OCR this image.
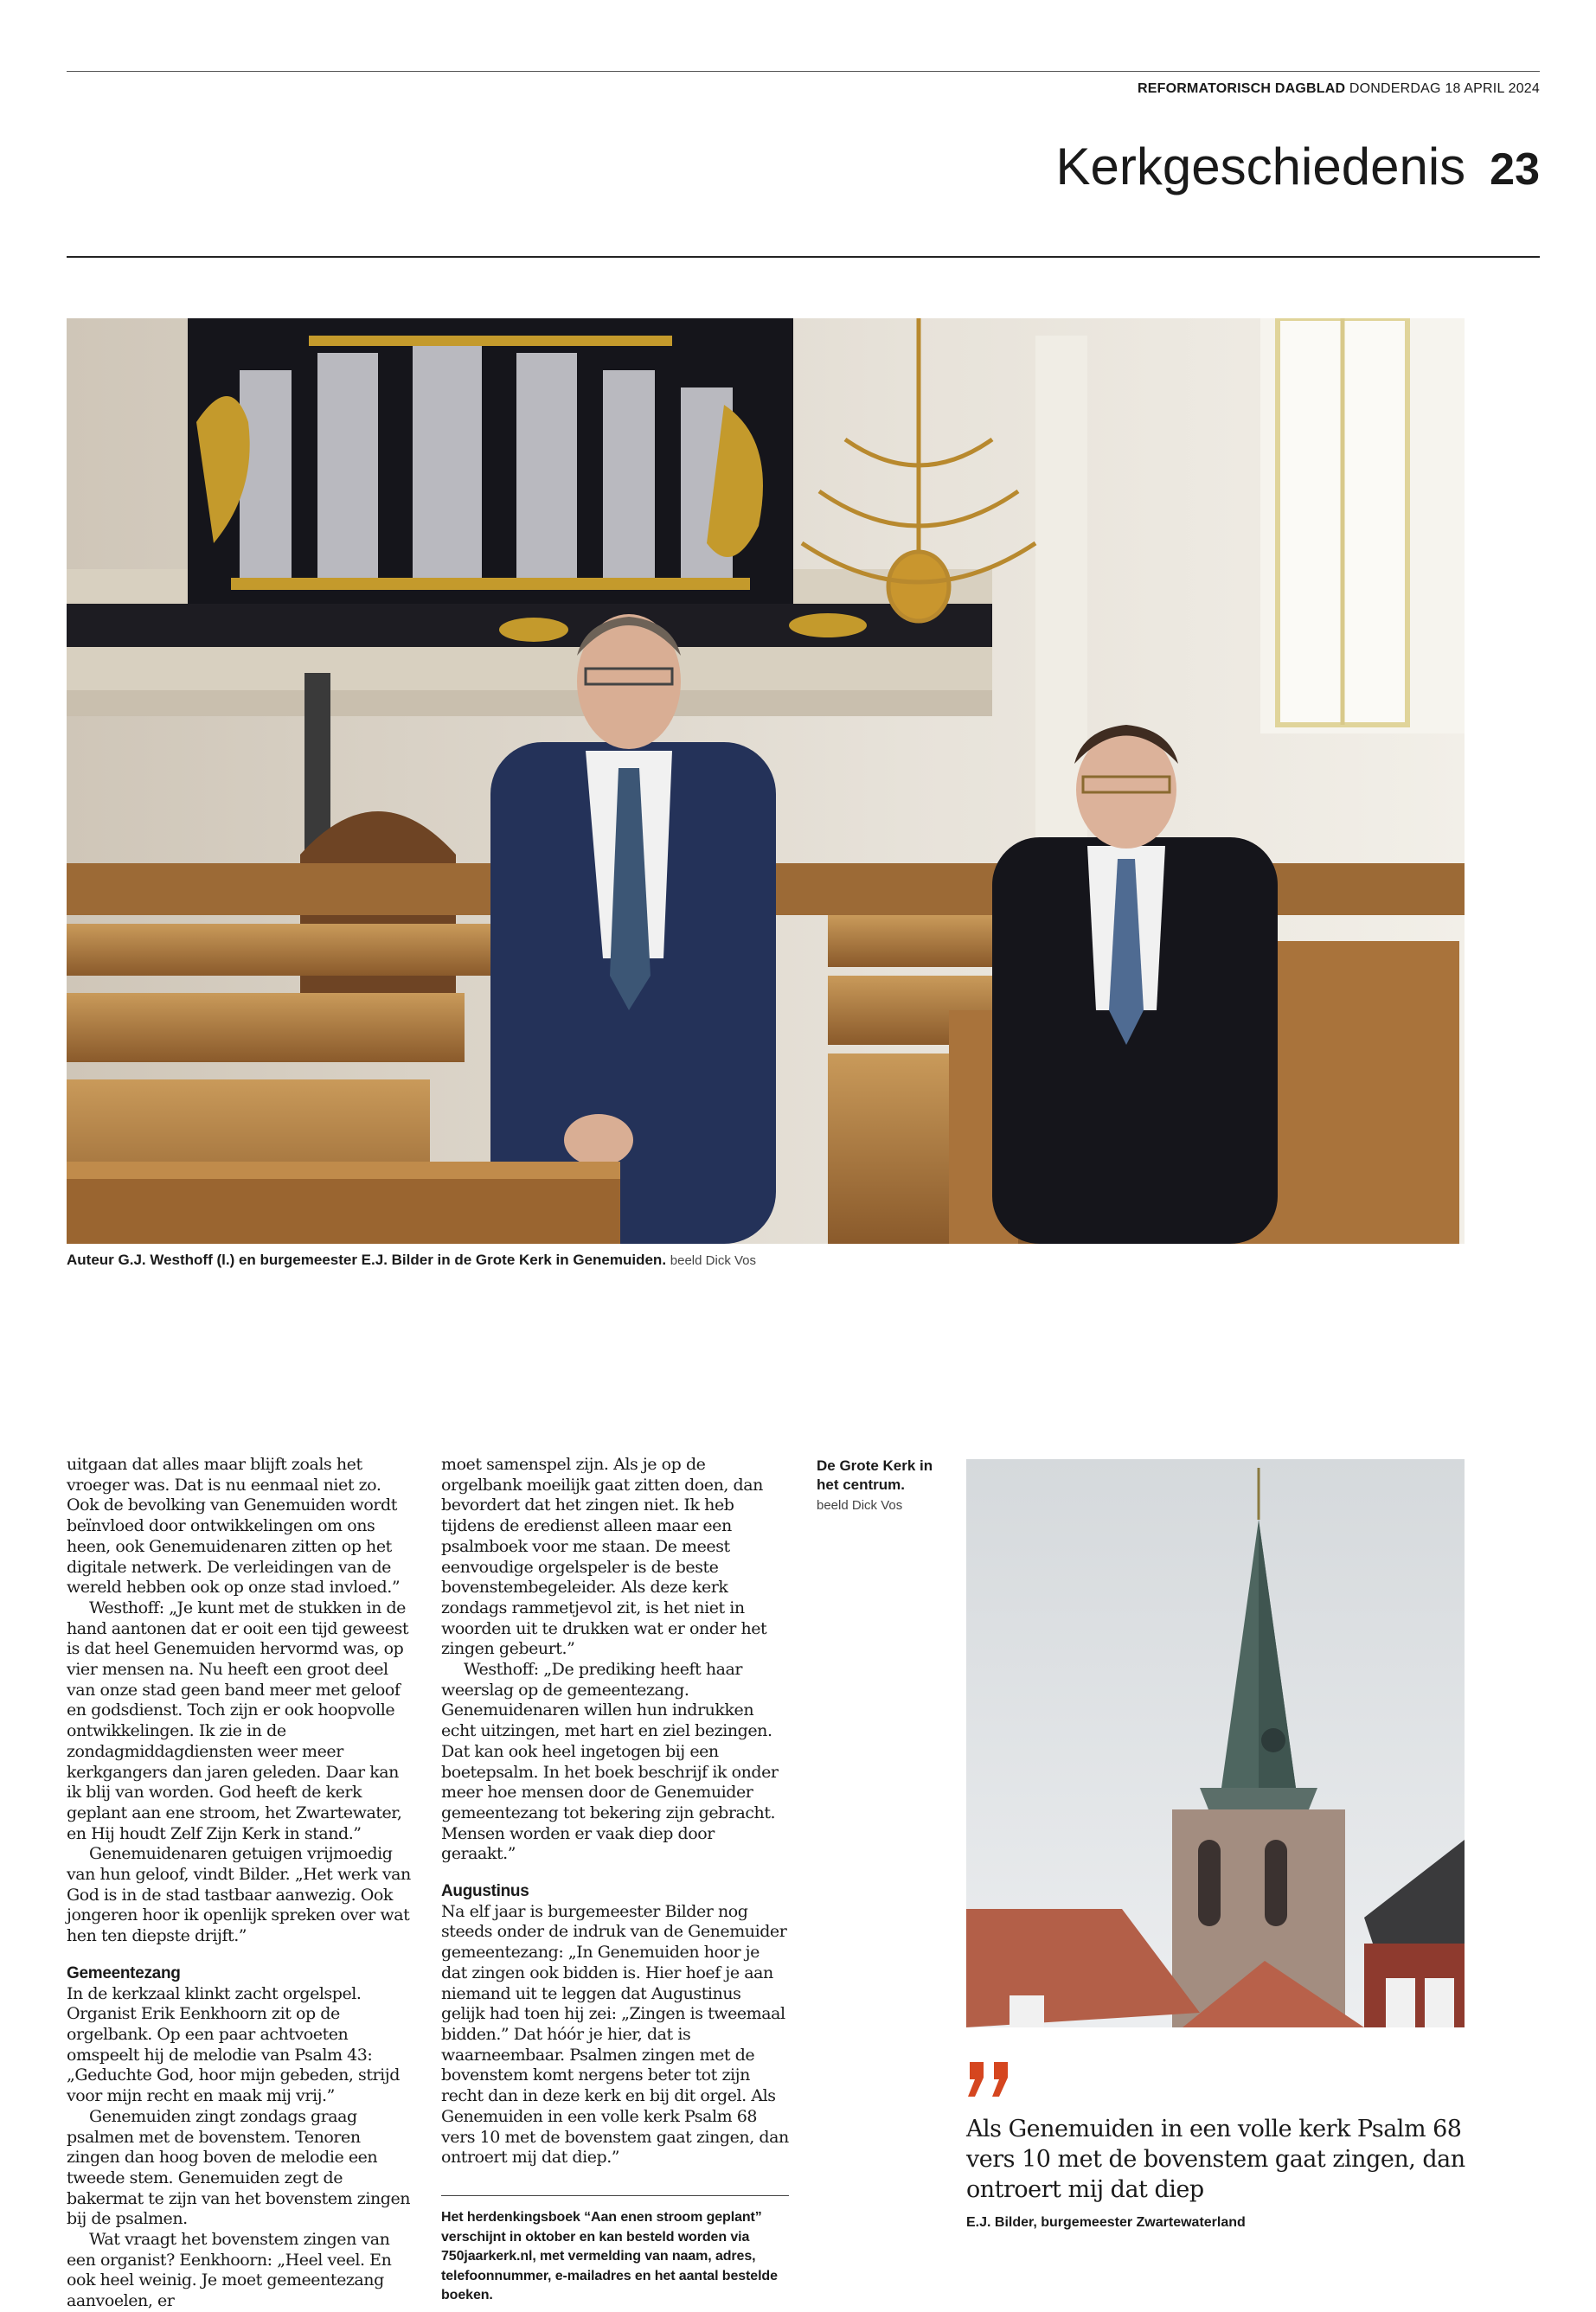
REFORMATORISCH DAGBLAD DONDERDAG 18 APRIL 2024
Kerkgeschiedenis 23
Auteur G.J. Westhoff (l.) en burgemeester E.J. Bilder in de Grote Kerk in Genemuiden. beeld Dick Vos

uitgaan dat alles maar blijft zoals het vroeger was. Dat is nu eenmaal niet zo. Ook de bevolking van Genemuiden wordt beïnvloed door ontwikkelingen om ons heen, ook Genemuidenaren zitten op het digitale netwerk. De verleidingen van de wereld hebben ook op onze stad invloed.”

Westhoff: „Je kunt met de stukken in de hand aantonen dat er ooit een tijd geweest is dat heel Genemuiden hervormd was, op vier mensen na. Nu heeft een groot deel van onze stad geen band meer met geloof en godsdienst. Toch zijn er ook hoopvolle ontwikkelingen. Ik zie in de zondagmiddagdiensten weer meer kerkgangers dan jaren geleden. Daar kan ik blij van worden. God heeft de kerk geplant aan ene stroom, het Zwartewater, en Hij houdt Zelf Zijn Kerk in stand.”

Genemuidenaren getuigen vrijmoedig van hun geloof, vindt Bilder. „Het werk van God is in de stad tastbaar aanwezig. Ook jongeren hoor ik openlijk spreken over wat hen ten diepste drijft.”

Gemeentezang

In de kerkzaal klinkt zacht orgelspel. Organist Erik Eenkhoorn zit op de orgelbank. Op een paar achtvoeten omspeelt hij de melodie van Psalm 43: „Geduchte God, hoor mijn gebeden, strijd voor mijn recht en maak mij vrij.”

Genemuiden zingt zondags graag psalmen met de bovenstem. Tenoren zingen dan hoog boven de melodie een tweede stem. Genemuiden zegt de bakermat te zijn van het bovenstem zingen bij de psalmen.

Wat vraagt het bovenstem zingen van een organist? Eenkhoorn: „Heel veel. En ook heel weinig. Je moet gemeentezang aanvoelen, er

moet samenspel zijn. Als je op de orgelbank moeilijk gaat zitten doen, dan bevordert dat het zingen niet. Ik heb tijdens de eredienst alleen maar een psalmboek voor me staan. De meest eenvoudige orgelspeler is de beste bovenstembegeleider. Als deze kerk zondags rammetjevol zit, is het niet in woorden uit te drukken wat er onder het zingen gebeurt.”

Westhoff: „De prediking heeft haar weerslag op de gemeentezang. Genemuidenaren willen hun indrukken echt uitzingen, met hart en ziel bezingen. Dat kan ook heel ingetogen bij een boetepsalm. In het boek beschrijf ik onder meer hoe mensen door de Genemuider gemeentezang tot bekering zijn gebracht. Mensen worden er vaak diep door geraakt.”

Augustinus

Na elf jaar is burgemeester Bilder nog steeds onder de indruk van de Genemuider gemeentezang: „In Genemuiden hoor je dat zingen ook bidden is. Hier hoef je aan niemand uit te leggen dat Augustinus gelijk had toen hij zei: „Zingen is tweemaal bidden.” Dat hóór je hier, dat is waarneembaar. Psalmen zingen met de bovenstem komt nergens beter tot zijn recht dan in deze kerk en bij dit orgel. Als Genemuiden in een volle kerk Psalm 68 vers 10 met de bovenstem gaat zingen, dan ontroert mij dat diep.”

Het herdenkingsboek “Aan enen stroom geplant” verschijnt in oktober en kan besteld worden via 750jaarkerk.nl, met vermelding van naam, adres, telefoonnummer, e-mailadres en het aantal bestelde boeken.
De Grote Kerk in het centrum.
beeld Dick Vos
Als Genemuiden in een volle kerk Psalm 68 vers 10 met de bovenstem gaat zingen, dan ontroert mij dat diep
E.J. Bilder, burgemeester Zwartewaterland
